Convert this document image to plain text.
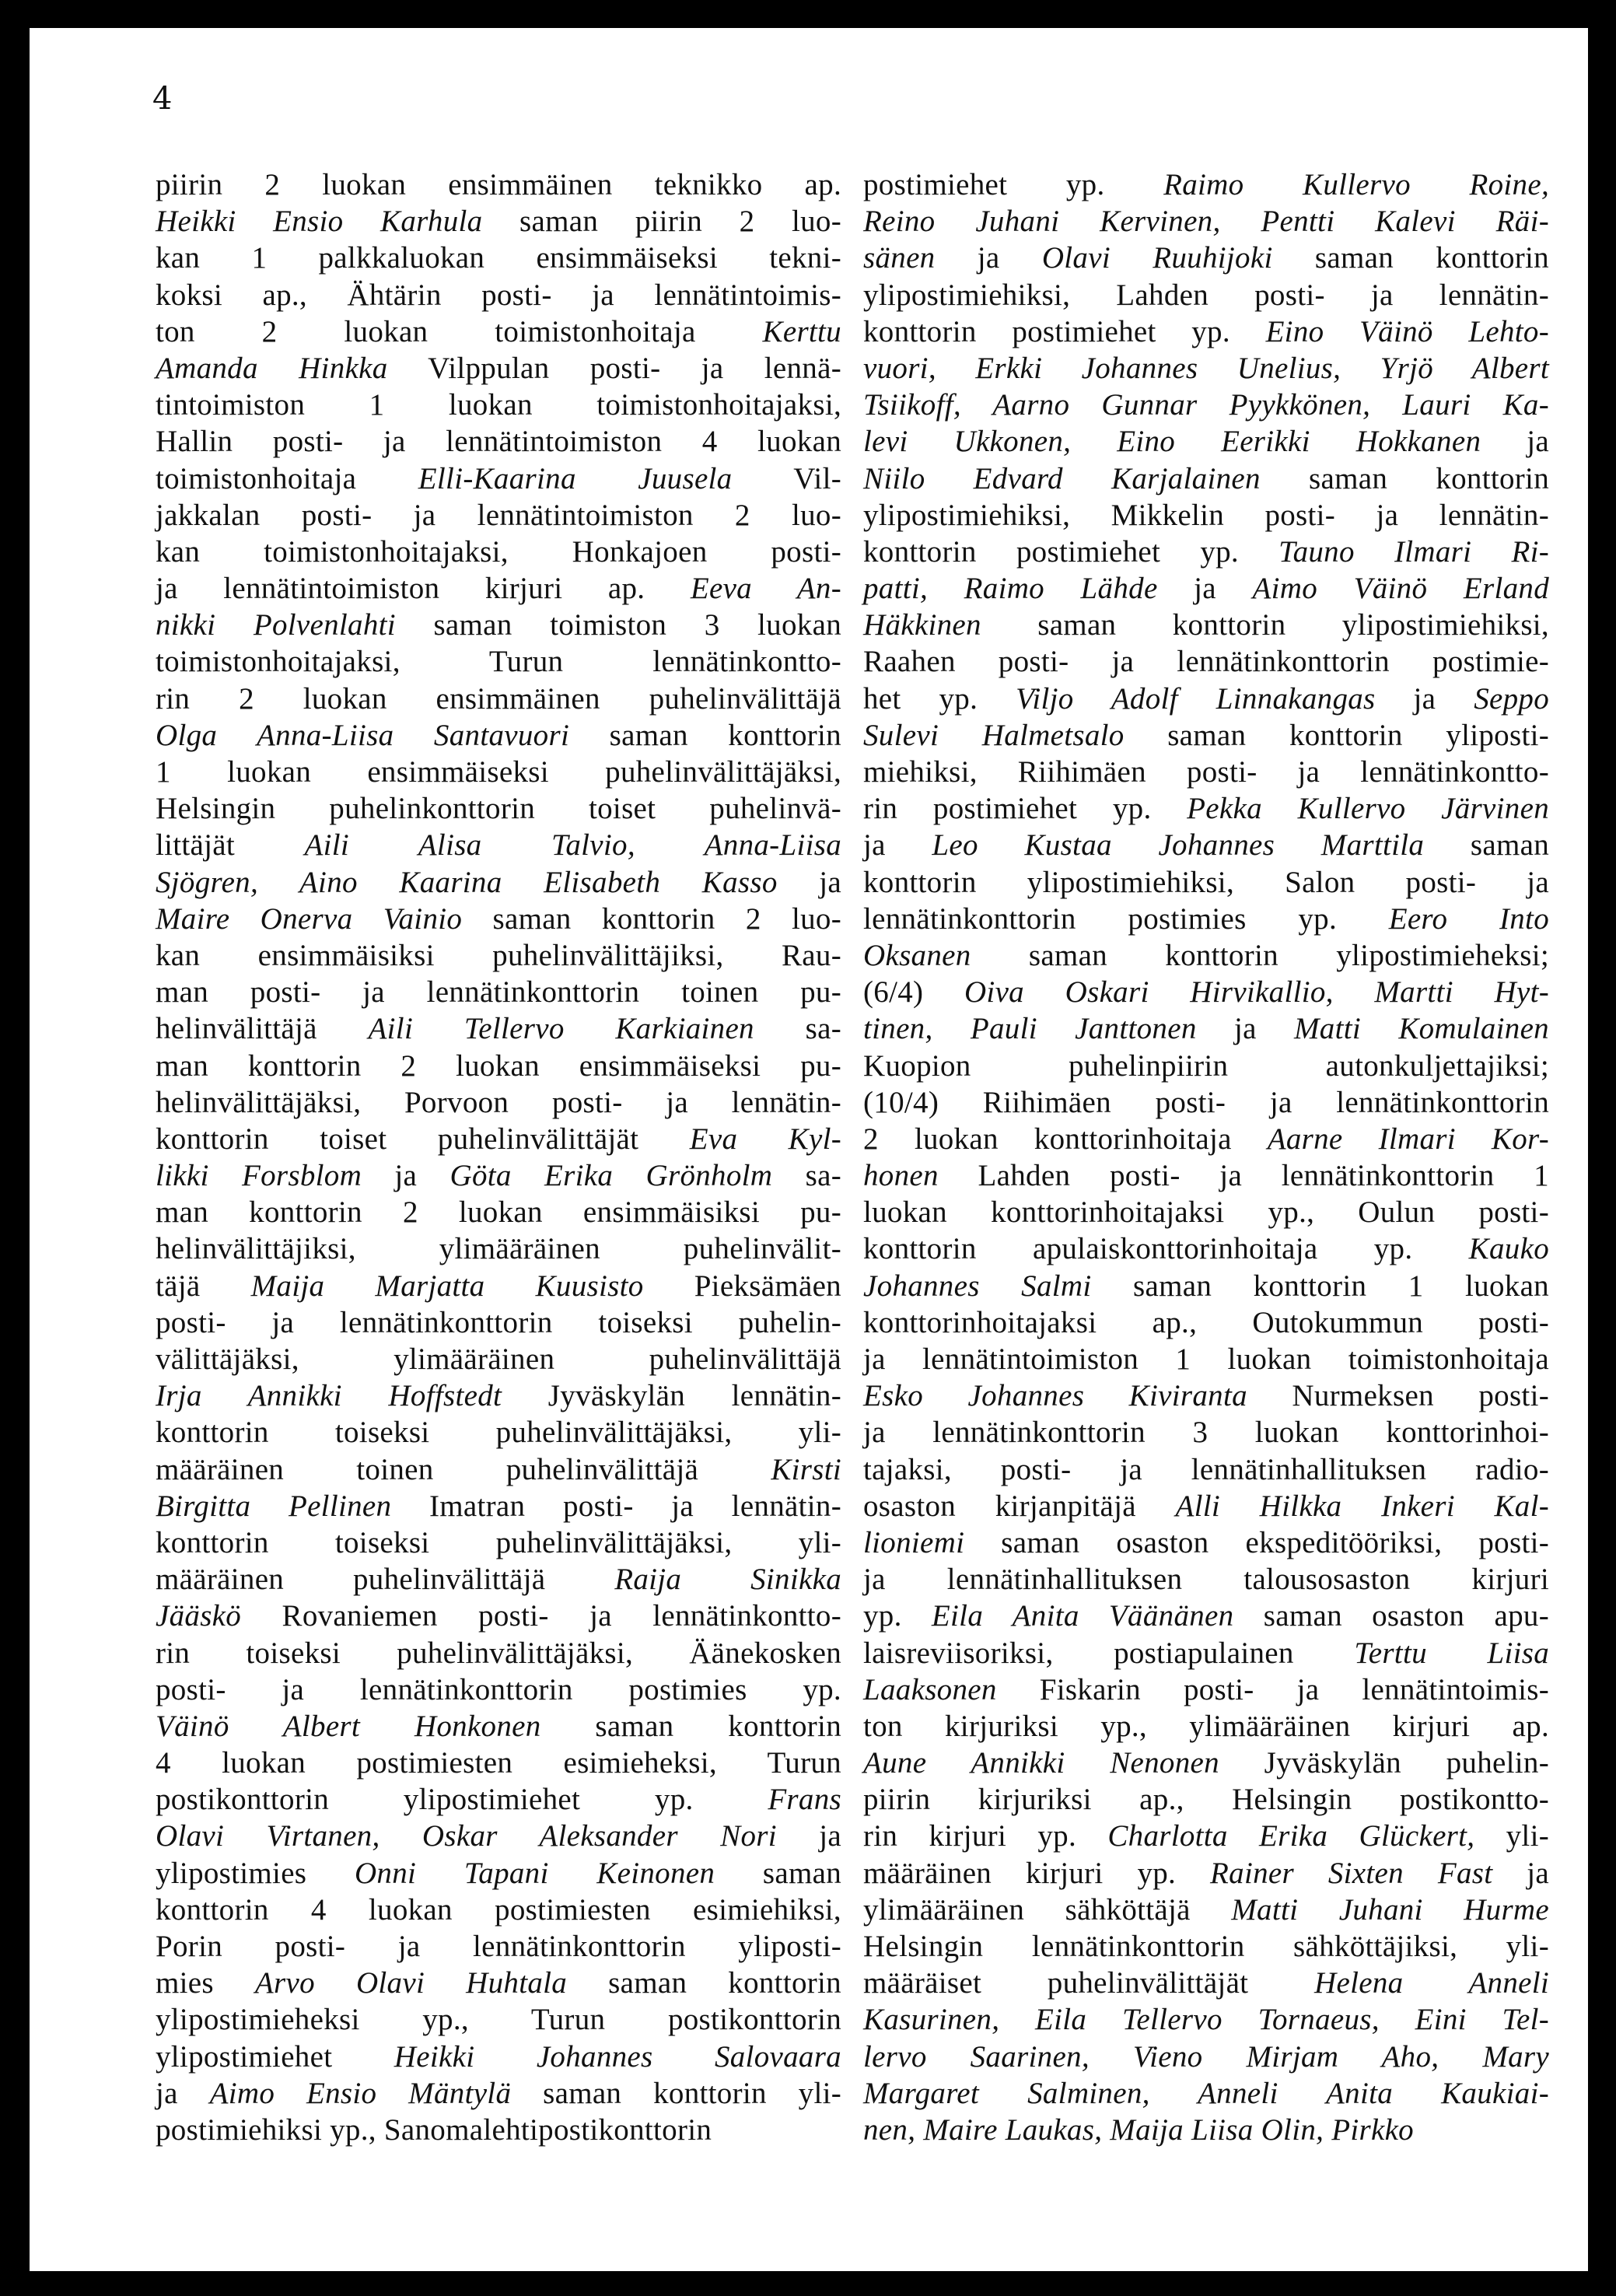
4
piirin 2 luokan ensimmäinen teknikko ap.
Heikki Ensio Karhula saman piirin 2 luo-
kan 1 palkkaluokan ensimmäiseksi tekni-
koksi ap., Ähtärin posti- ja lennätintoimis-
ton 2 luokan toimistonhoitaja Kerttu
Amanda Hinkka Vilppulan posti- ja lennä-
tintoimiston 1 luokan toimistonhoitajaksi,
Hallin posti- ja lennätintoimiston 4 luokan
toimistonhoitaja Elli-Kaarina Juusela Vil-
jakkalan posti- ja lennätintoimiston 2 luo-
kan toimistonhoitajaksi, Honkajoen posti-
ja lennätintoimiston kirjuri ap. Eeva An-
nikki Polvenlahti saman toimiston 3 luokan
toimistonhoitajaksi, Turun lennätinkontto-
rin 2 luokan ensimmäinen puhelinvälittäjä
Olga Anna-Liisa Santavuori saman konttorin
1 luokan ensimmäiseksi puhelinvälittäjäksi,
Helsingin puhelinkonttorin toiset puhelinvä-
littäjät Aili Alisa Talvio, Anna-Liisa
Sjögren, Aino Kaarina Elisabeth Kasso ja
Maire Onerva Vainio saman konttorin 2 luo-
kan ensimmäisiksi puhelinvälittäjiksi, Rau-
man posti- ja lennätinkonttorin toinen pu-
helinvälittäjä Aili Tellervo Karkiainen sa-
man konttorin 2 luokan ensimmäiseksi pu-
helinvälittäjäksi, Porvoon posti- ja lennätin-
konttorin toiset puhelinvälittäjät Eva Kyl-
likki Forsblom ja Göta Erika Grönholm sa-
man konttorin 2 luokan ensimmäisiksi pu-
helinvälittäjiksi, ylimääräinen puhelinvälit-
täjä Maija Marjatta Kuusisto Pieksämäen
posti- ja lennätinkonttorin toiseksi puhelin-
välittäjäksi, ylimääräinen puhelinvälittäjä
Irja Annikki Hoffstedt Jyväskylän lennätin-
konttorin toiseksi puhelinvälittäjäksi, yli-
määräinen toinen puhelinvälittäjä Kirsti
Birgitta Pellinen Imatran posti- ja lennätin-
konttorin toiseksi puhelinvälittäjäksi, yli-
määräinen puhelinvälittäjä Raija Sinikka
Jääskö Rovaniemen posti- ja lennätinkontto-
rin toiseksi puhelinvälittäjäksi, Äänekosken
posti- ja lennätinkonttorin postimies yp.
Väinö Albert Honkonen saman konttorin
4 luokan postimiesten esimieheksi, Turun
postikonttorin ylipostimiehet yp. Frans
Olavi Virtanen, Oskar Aleksander Nori ja
ylipostimies Onni Tapani Keinonen saman
konttorin 4 luokan postimiesten esimiehiksi,
Porin posti- ja lennätinkonttorin yliposti-
mies Arvo Olavi Huhtala saman konttorin
ylipostimieheksi yp., Turun postikonttorin
ylipostimiehet Heikki Johannes Salovaara
ja Aimo Ensio Mäntylä saman konttorin yli-
postimiehiksi yp., Sanomalehtipostikonttorin
postimiehet yp. Raimo Kullervo Roine,
Reino Juhani Kervinen, Pentti Kalevi Räi-
sänen ja Olavi Ruuhijoki saman konttorin
ylipostimiehiksi, Lahden posti- ja lennätin-
konttorin postimiehet yp. Eino Väinö Lehto-
vuori, Erkki Johannes Unelius, Yrjö Albert
Tsiikoff, Aarno Gunnar Pyykkönen, Lauri Ka-
levi Ukkonen, Eino Eerikki Hokkanen ja
Niilo Edvard Karjalainen saman konttorin
ylipostimiehiksi, Mikkelin posti- ja lennätin-
konttorin postimiehet yp. Tauno Ilmari Ri-
patti, Raimo Lähde ja Aimo Väinö Erland
Häkkinen saman konttorin ylipostimiehiksi,
Raahen posti- ja lennätinkonttorin postimie-
het yp. Viljo Adolf Linnakangas ja Seppo
Sulevi Halmetsalo saman konttorin yliposti-
miehiksi, Riihimäen posti- ja lennätinkontto-
rin postimiehet yp. Pekka Kullervo Järvinen
ja Leo Kustaa Johannes Marttila saman
konttorin ylipostimiehiksi, Salon posti- ja
lennätinkonttorin postimies yp. Eero Into
Oksanen saman konttorin ylipostimieheksi;
(6/4) Oiva Oskari Hirvikallio, Martti Hyt-
tinen, Pauli Janttonen ja Matti Komulainen
Kuopion puhelinpiirin autonkuljettajiksi;
(10/4) Riihimäen posti- ja lennätinkonttorin
2 luokan konttorinhoitaja Aarne Ilmari Kor-
honen Lahden posti- ja lennätinkonttorin 1
luokan konttorinhoitajaksi yp., Oulun posti-
konttorin apulaiskonttorinhoitaja yp. Kauko
Johannes Salmi saman konttorin 1 luokan
konttorinhoitajaksi ap., Outokummun posti-
ja lennätintoimiston 1 luokan toimistonhoitaja
Esko Johannes Kiviranta Nurmeksen posti-
ja lennätinkonttorin 3 luokan konttorinhoi-
tajaksi, posti- ja lennätinhallituksen radio-
osaston kirjanpitäjä Alli Hilkka Inkeri Kal-
lioniemi saman osaston ekspeditööriksi, posti-
ja lennätinhallituksen talousosaston kirjuri
yp. Eila Anita Väänänen saman osaston apu-
laisreviisoriksi, postiapulainen Terttu Liisa
Laaksonen Fiskarin posti- ja lennätintoimis-
ton kirjuriksi yp., ylimääräinen kirjuri ap.
Aune Annikki Nenonen Jyväskylän puhelin-
piirin kirjuriksi ap., Helsingin postikontto-
rin kirjuri yp. Charlotta Erika Glückert, yli-
määräinen kirjuri yp. Rainer Sixten Fast ja
ylimääräinen sähköttäjä Matti Juhani Hurme
Helsingin lennätinkonttorin sähköttäjiksi, yli-
määräiset puhelinvälittäjät Helena Anneli
Kasurinen, Eila Tellervo Tornaeus, Eini Tel-
lervo Saarinen, Vieno Mirjam Aho, Mary
Margaret Salminen, Anneli Anita Kaukiai-
nen, Maire Laukas, Maija Liisa Olin, Pirkko
